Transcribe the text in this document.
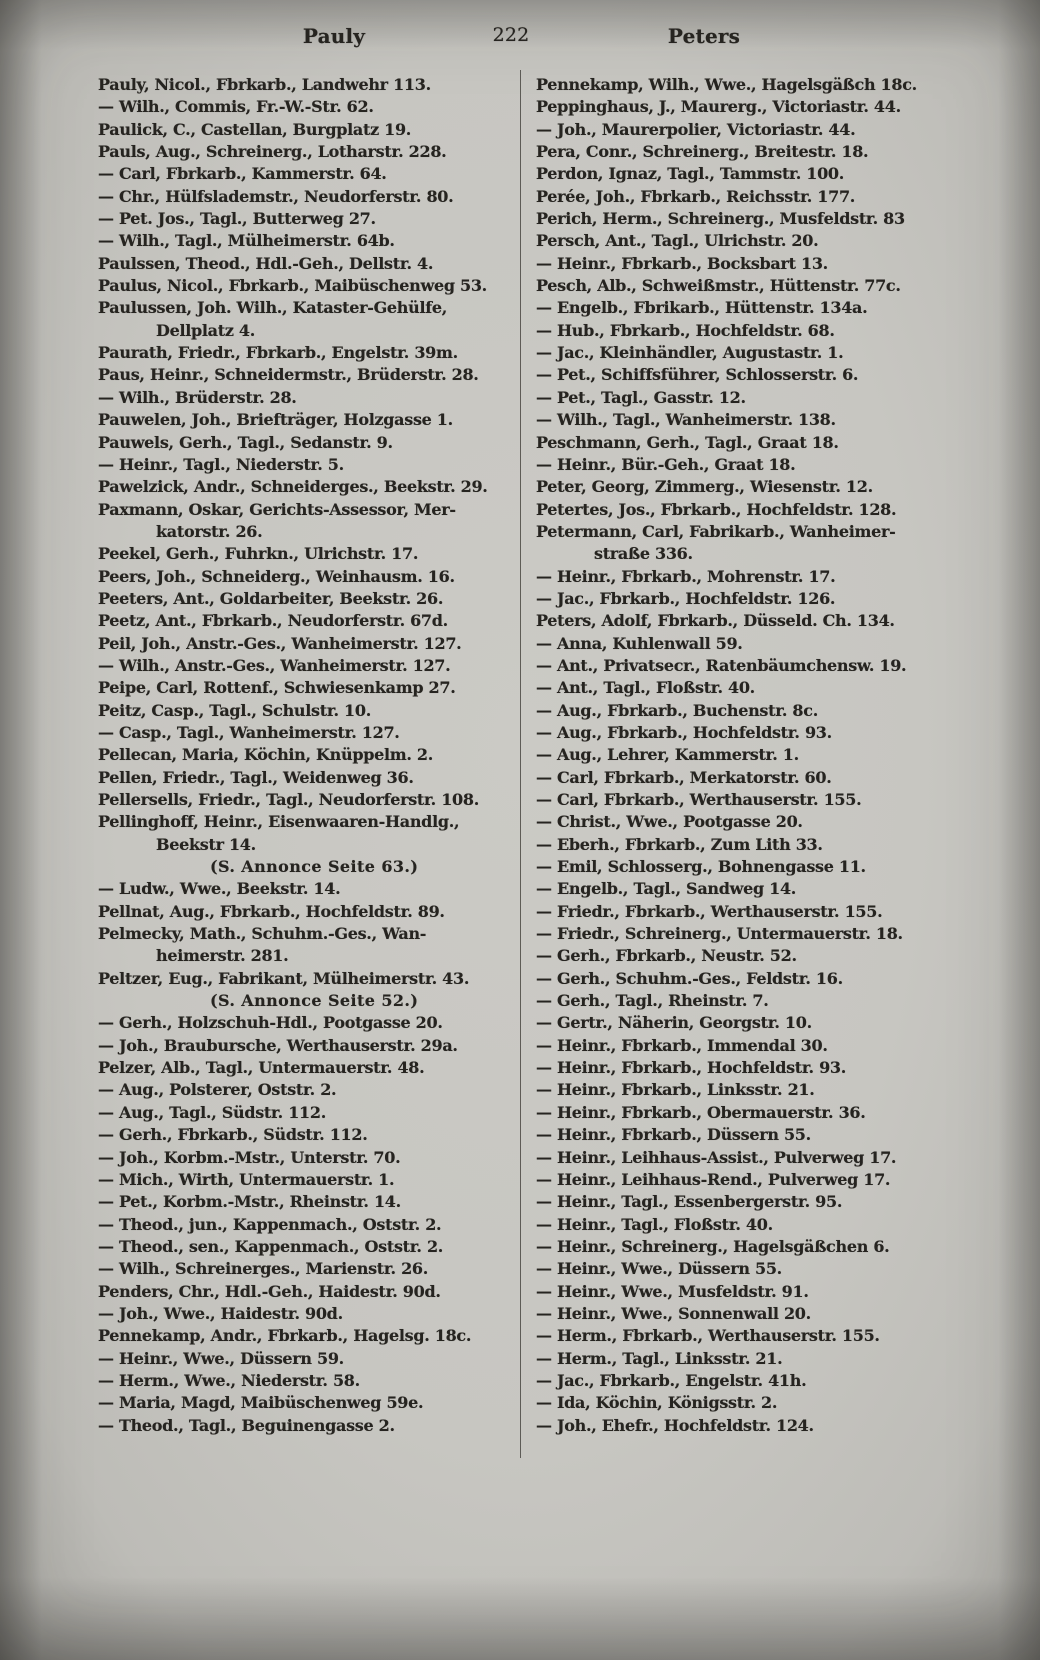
Pauly	222	Peters
Pauly, Nicol., Fbrkarb., Landwehr 113.
— Wilh., Commis, Fr.-W.-Str. 62.
Paulick, C., Castellan, Burgplatz 19.
Pauls, Aug., Schreinerg., Lotharstr. 228.
— Carl, Fbrkarb., Kammerstr. 64.
— Chr., Hülfslademstr., Neudorferstr. 80.
— Pet. Jos., Tagl., Butterweg 27.
— Wilh., Tagl., Mülheimerstr. 64b.
Paulssen, Theod., Hdl.-Geh., Dellstr. 4.
Paulus, Nicol., Fbrkarb., Maibüschenweg 53.
Paulussen, Joh. Wilh., Kataster-Gehülfe,
Dellplatz 4.
Paurath, Friedr., Fbrkarb., Engelstr. 39m.
Paus, Heinr., Schneidermstr., Brüderstr. 28.
— Wilh., Brüderstr. 28.
Pauwelen, Joh., Briefträger, Holzgasse 1.
Pauwels, Gerh., Tagl., Sedanstr. 9.
— Heinr., Tagl., Niederstr. 5.
Pawelzick, Andr., Schneiderges., Beekstr. 29.
Paxmann, Oskar, Gerichts-Assessor, Mer-
katorstr. 26.
Peekel, Gerh., Fuhrkn., Ulrichstr. 17.
Peers, Joh., Schneiderg., Weinhausm. 16.
Peeters, Ant., Goldarbeiter, Beekstr. 26.
Peetz, Ant., Fbrkarb., Neudorferstr. 67d.
Peil, Joh., Anstr.-Ges., Wanheimerstr. 127.
— Wilh., Anstr.-Ges., Wanheimerstr. 127.
Peipe, Carl, Rottenf., Schwiesenkamp 27.
Peitz, Casp., Tagl., Schulstr. 10.
— Casp., Tagl., Wanheimerstr. 127.
Pellecan, Maria, Köchin, Knüppelm. 2.
Pellen, Friedr., Tagl., Weidenweg 36.
Pellersells, Friedr., Tagl., Neudorferstr. 108.
Pellinghoff, Heinr., Eisenwaaren-Handlg.,
Beekstr 14.
(S. Annonce Seite 63.)
— Ludw., Wwe., Beekstr. 14.
Pellnat, Aug., Fbrkarb., Hochfeldstr. 89.
Pelmecky, Math., Schuhm.-Ges., Wan-
heimerstr. 281.
Peltzer, Eug., Fabrikant, Mülheimerstr. 43.
(S. Annonce Seite 52.)
— Gerh., Holzschuh-Hdl., Pootgasse 20.
— Joh., Braubursche, Werthauserstr. 29a.
Pelzer, Alb., Tagl., Untermauerstr. 48.
— Aug., Polsterer, Oststr. 2.
— Aug., Tagl., Südstr. 112.
— Gerh., Fbrkarb., Südstr. 112.
— Joh., Korbm.-Mstr., Unterstr. 70.
— Mich., Wirth, Untermauerstr. 1.
— Pet., Korbm.-Mstr., Rheinstr. 14.
— Theod., jun., Kappenmach., Oststr. 2.
— Theod., sen., Kappenmach., Oststr. 2.
— Wilh., Schreinerges., Marienstr. 26.
Penders, Chr., Hdl.-Geh., Haidestr. 90d.
— Joh., Wwe., Haidestr. 90d.
Pennekamp, Andr., Fbrkarb., Hagelsg. 18c.
— Heinr., Wwe., Düssern 59.
— Herm., Wwe., Niederstr. 58.
— Maria, Magd, Maibüschenweg 59e.
— Theod., Tagl., Beguinengasse 2.
Pennekamp, Wilh., Wwe., Hagelsgäßch 18c.
Peppinghaus, J., Maurerg., Victoriastr. 44.
— Joh., Maurerpolier, Victoriastr. 44.
Pera, Conr., Schreinerg., Breitestr. 18.
Perdon, Ignaz, Tagl., Tammstr. 100.
Perée, Joh., Fbrkarb., Reichsstr. 177.
Perich, Herm., Schreinerg., Musfeldstr. 83
Persch, Ant., Tagl., Ulrichstr. 20.
— Heinr., Fbrkarb., Bocksbart 13.
Pesch, Alb., Schweißmstr., Hüttenstr. 77c.
— Engelb., Fbrikarb., Hüttenstr. 134a.
— Hub., Fbrkarb., Hochfeldstr. 68.
— Jac., Kleinhändler, Augustastr. 1.
— Pet., Schiffsführer, Schlosserstr. 6.
— Pet., Tagl., Gasstr. 12.
— Wilh., Tagl., Wanheimerstr. 138.
Peschmann, Gerh., Tagl., Graat 18.
— Heinr., Bür.-Geh., Graat 18.
Peter, Georg, Zimmerg., Wiesenstr. 12.
Petertes, Jos., Fbrkarb., Hochfeldstr. 128.
Petermann, Carl, Fabrikarb., Wanheimer-
straße 336.
— Heinr., Fbrkarb., Mohrenstr. 17.
— Jac., Fbrkarb., Hochfeldstr. 126.
Peters, Adolf, Fbrkarb., Düsseld. Ch. 134.
— Anna, Kuhlenwall 59.
— Ant., Privatsecr., Ratenbäumchensw. 19.
— Ant., Tagl., Floßstr. 40.
— Aug., Fbrkarb., Buchenstr. 8c.
— Aug., Fbrkarb., Hochfeldstr. 93.
— Aug., Lehrer, Kammerstr. 1.
— Carl, Fbrkarb., Merkatorstr. 60.
— Carl, Fbrkarb., Werthauserstr. 155.
— Christ., Wwe., Pootgasse 20.
— Eberh., Fbrkarb., Zum Lith 33.
— Emil, Schlosserg., Bohnengasse 11.
— Engelb., Tagl., Sandweg 14.
— Friedr., Fbrkarb., Werthauserstr. 155.
— Friedr., Schreinerg., Untermauerstr. 18.
— Gerh., Fbrkarb., Neustr. 52.
— Gerh., Schuhm.-Ges., Feldstr. 16.
— Gerh., Tagl., Rheinstr. 7.
— Gertr., Näherin, Georgstr. 10.
— Heinr., Fbrkarb., Immendal 30.
— Heinr., Fbrkarb., Hochfeldstr. 93.
— Heinr., Fbrkarb., Linksstr. 21.
— Heinr., Fbrkarb., Obermauerstr. 36.
— Heinr., Fbrkarb., Düssern 55.
— Heinr., Leihhaus-Assist., Pulverweg 17.
— Heinr., Leihhaus-Rend., Pulverweg 17.
— Heinr., Tagl., Essenbergerstr. 95.
— Heinr., Tagl., Floßstr. 40.
— Heinr., Schreinerg., Hagelsgäßchen 6.
— Heinr., Wwe., Düssern 55.
— Heinr., Wwe., Musfeldstr. 91.
— Heinr., Wwe., Sonnenwall 20.
— Herm., Fbrkarb., Werthauserstr. 155.
— Herm., Tagl., Linksstr. 21.
— Jac., Fbrkarb., Engelstr. 41h.
— Ida, Köchin, Königsstr. 2.
— Joh., Ehefr., Hochfeldstr. 124.
